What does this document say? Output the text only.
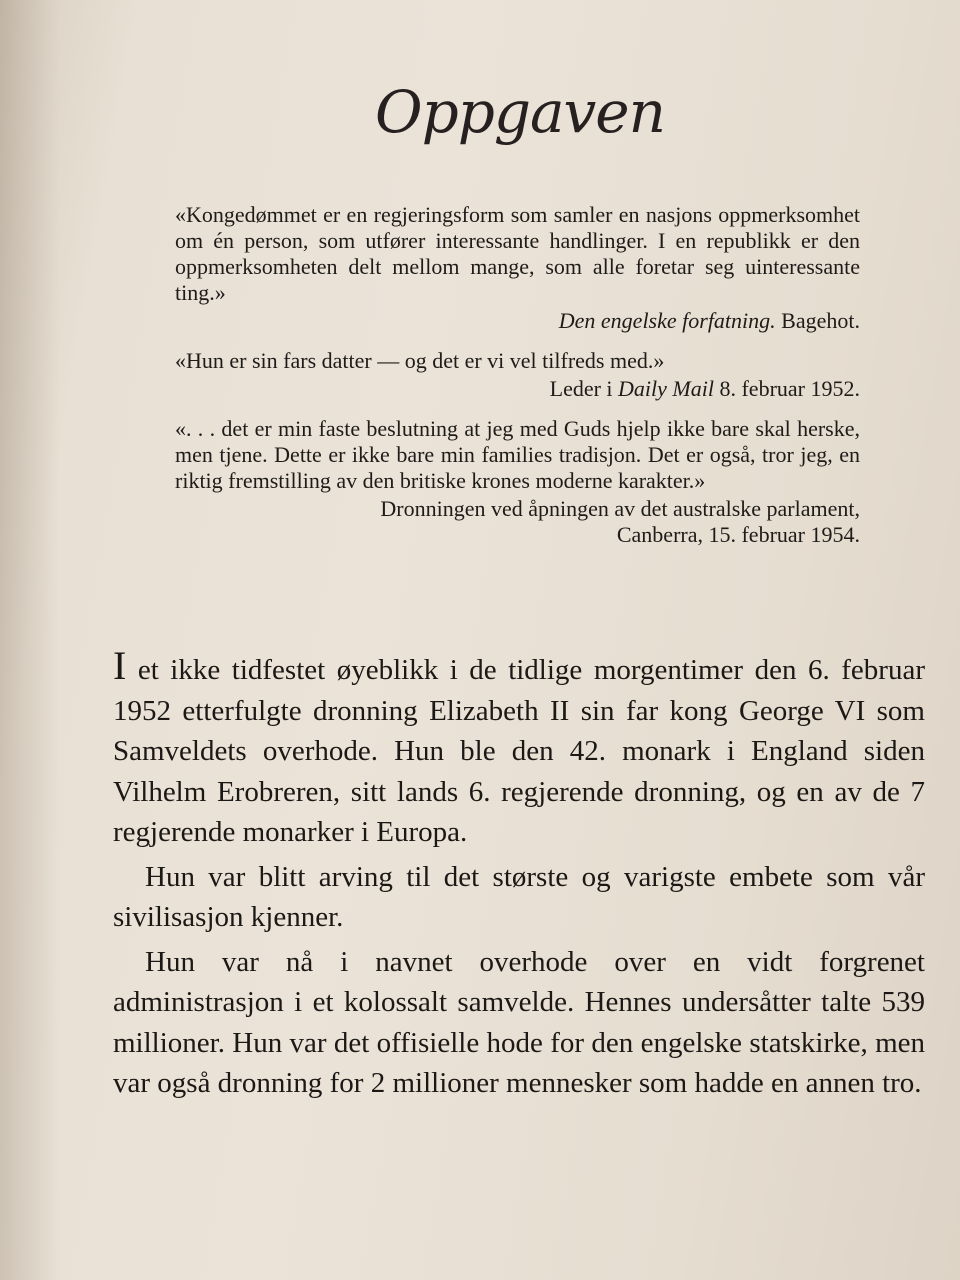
Oppgaven

«Kongedømmet er en regjeringsform som samler en nasjons oppmerksomhet om én person, som utfører interessante handlinger. I en republikk er den oppmerksomheten delt mellom mange, som alle foretar seg uinteressante ting.»

Den engelske forfatning. Bagehot.

«Hun er sin fars datter — og det er vi vel tilfreds med.»

Leder i Daily Mail 8. februar 1952.

«. . . det er min faste beslutning at jeg med Guds hjelp ikke bare skal herske, men tjene. Dette er ikke bare min families tradisjon. Det er også, tror jeg, en riktig fremstilling av den britiske krones moderne karakter.»

Dronningen ved åpningen av det australske parlament,
Canberra, 15. februar 1954.

I et ikke tidfestet øyeblikk i de tidlige morgentimer den 6. februar 1952 etterfulgte dronning Elizabeth II sin far kong George VI som Samveldets overhode. Hun ble den 42. monark i England siden Vilhelm Erobreren, sitt lands 6. regjerende dronning, og en av de 7 regjerende monarker i Europa.

Hun var blitt arving til det største og varigste embete som vår sivilisasjon kjenner.

Hun var nå i navnet overhode over en vidt forgrenet administrasjon i et kolossalt samvelde. Hennes undersåtter talte 539 millioner. Hun var det offisielle hode for den engelske statskirke, men var også dronning for 2 millioner mennesker som hadde en annen tro.
